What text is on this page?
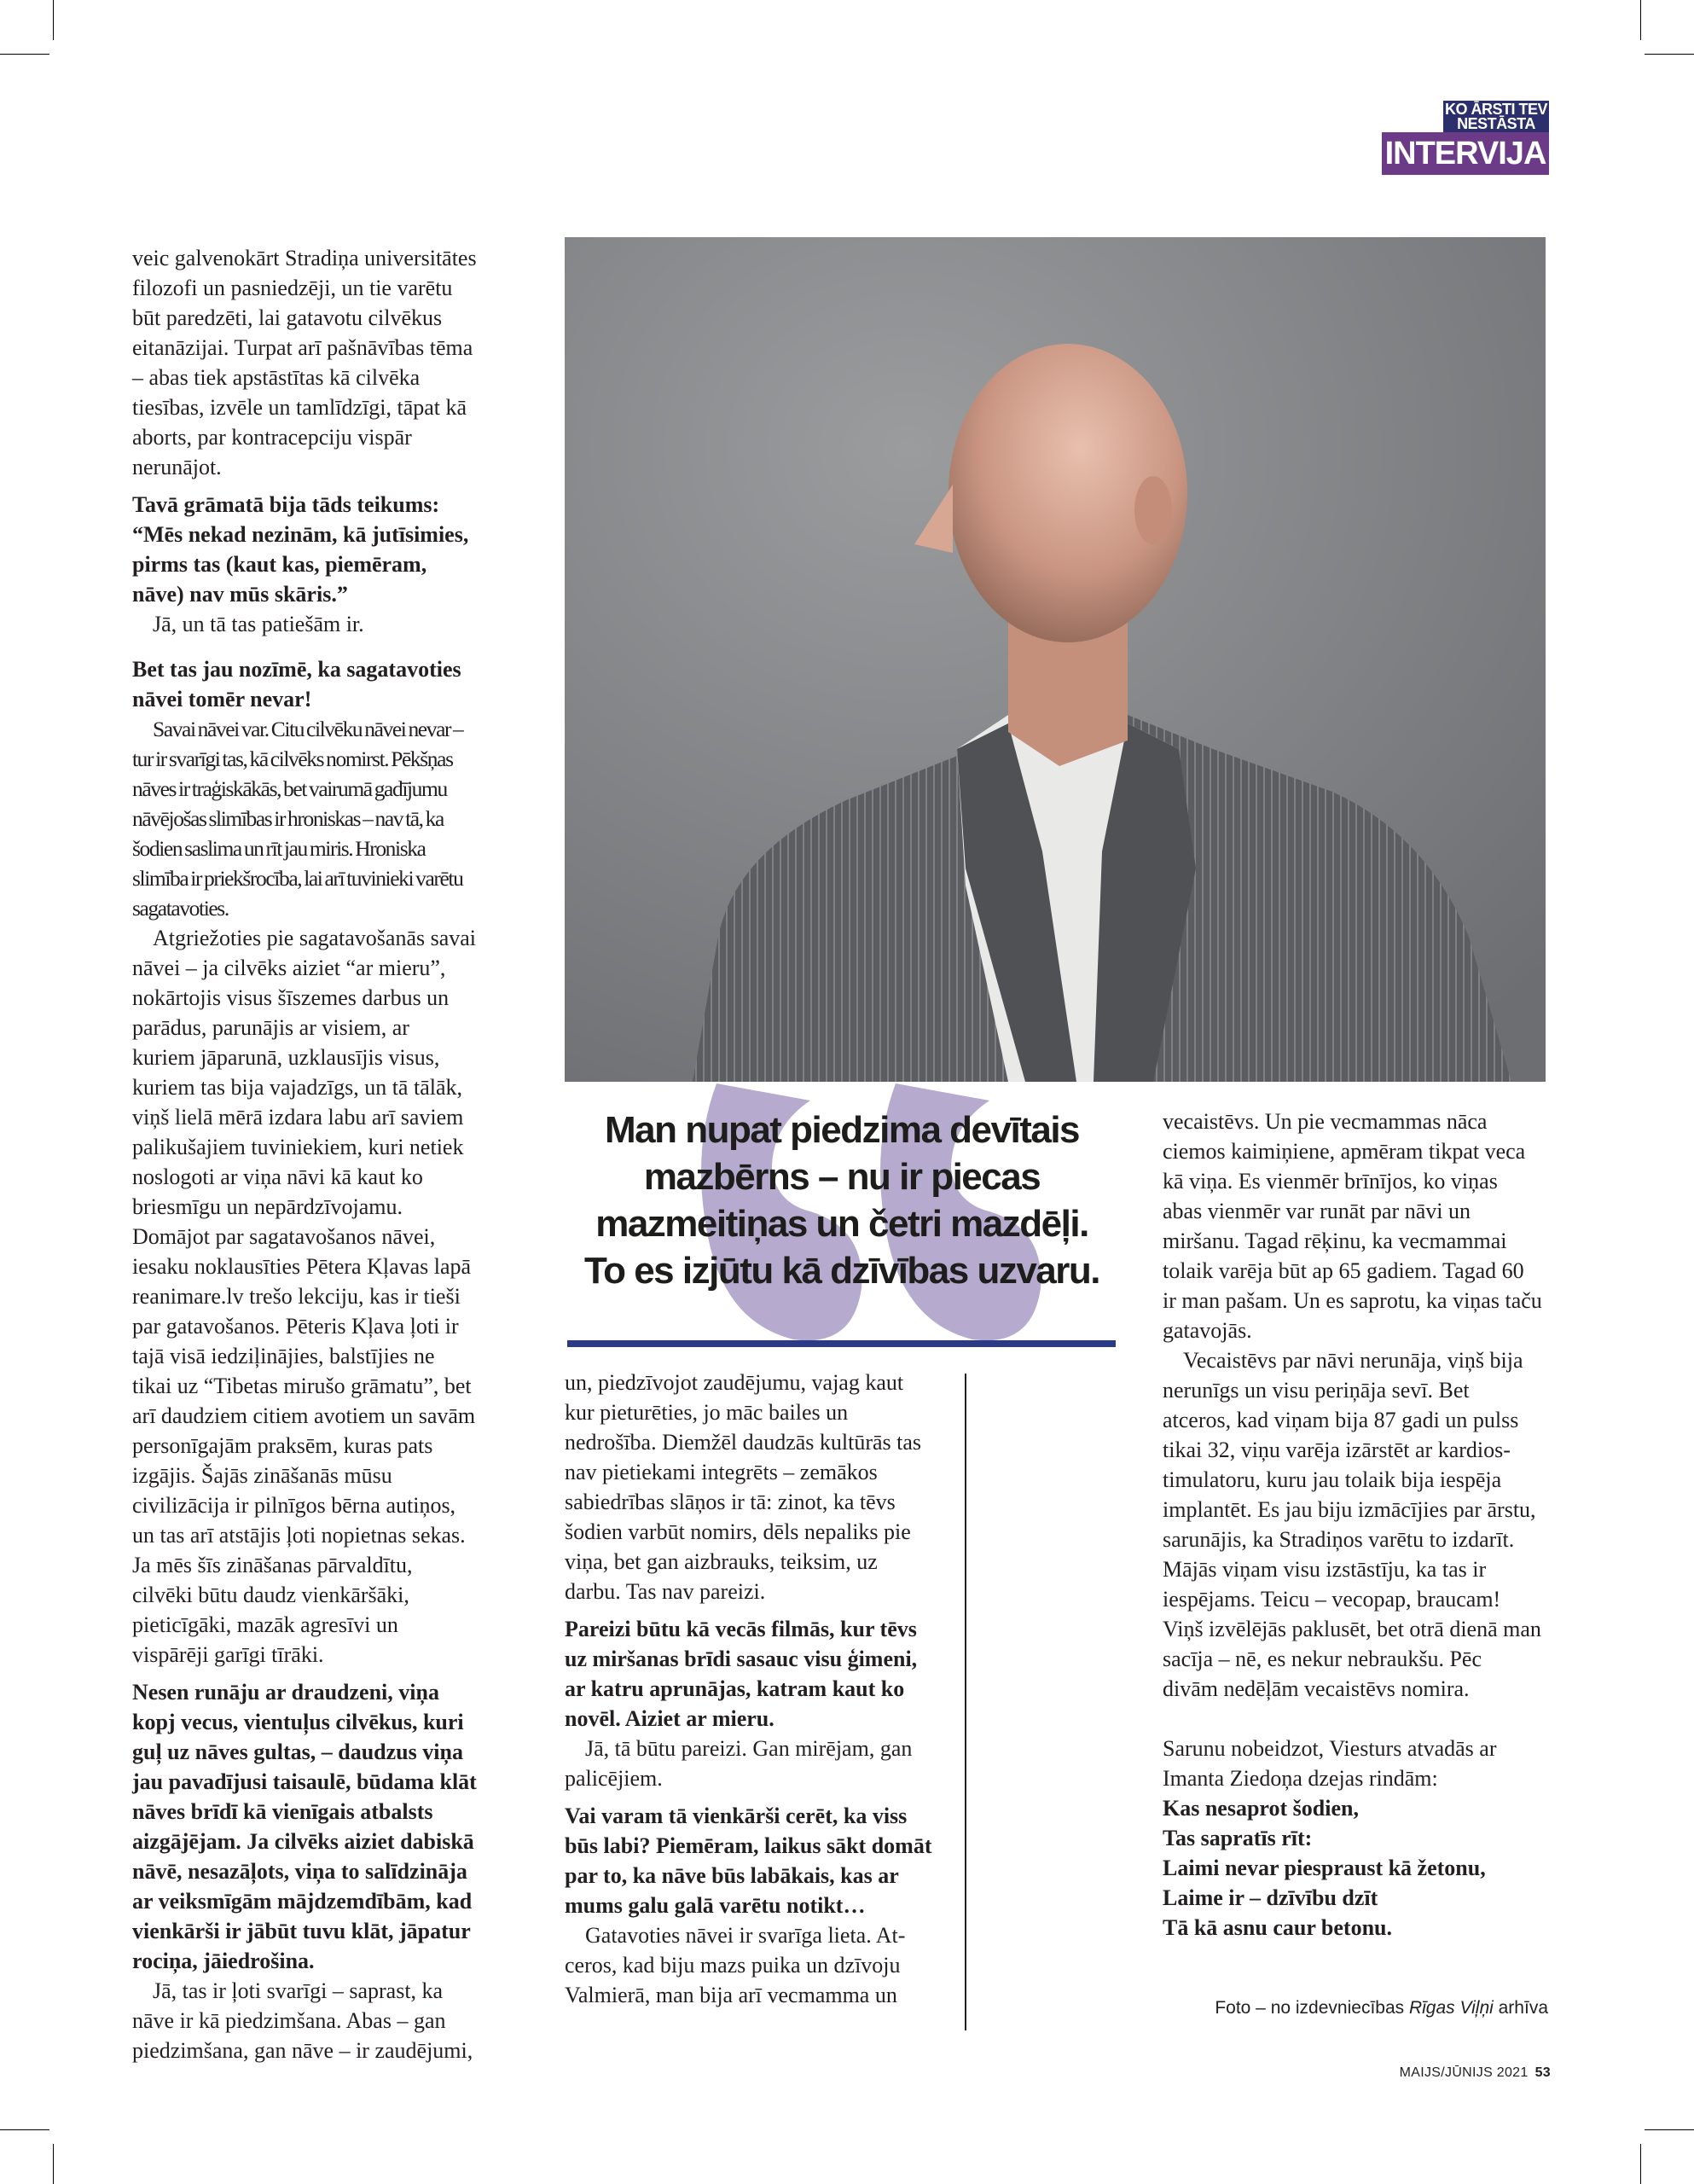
KO ĀRSTI TEV NESTĀSTA
INTERVIJA

veic galvenokārt Stradiņa universitātes filozofi un pasniedzēji, un tie varētu būt paredzēti, lai gatavotu cilvēkus eitanāzijai. Turpat arī pašnāvības tēma – abas tiek apstāstītas kā cilvēka tiesības, izvēle un tamlīdzīgi, tāpat kā aborts, par kontracepciju vispār nerunājot.

Tavā grāmatā bija tāds teikums: “Mēs nekad nezinām, kā jutīsimies, pirms tas (kaut kas, piemēram, nāve) nav mūs skāris.”

Jā, un tā tas patiešām ir.

Bet tas jau nozīmē, ka sagatavoties nāvei tomēr nevar!

Savai nāvei var. Citu cilvēku nāvei nevar – tur ir svarīgi tas, kā cilvēks nomirst. Pēkšņas nāves ir traģiskākās, bet vairumā gadījumu nāvējošas slimības ir hroniskas – nav tā, ka šodien saslima un rīt jau miris. Hroniska slimība ir priekšrocība, lai arī tuvinieki varētu sagatavoties.

Atgriežoties pie sagatavošanās savai nāvei – ja cilvēks aiziet “ar mieru”, nokārtojis visus šīszemes darbus un parādus, parunājis ar visiem, ar kuriem jāparunā, uzklausījis visus, kuriem tas bija vajadzīgs, un tā tālāk, viņš lielā mērā izdara labu arī saviem palikušajiem tuviniekiem, kuri netiek noslogoti ar viņa nāvi kā kaut ko briesmīgu un nepārdzīvojamu. Domājot par sagatavošanos nāvei, iesaku noklausīties Pētera Kļavas lapā reanimare.lv trešo lekciju, kas ir tieši par gatavošanos. Pēteris Kļava ļoti ir tajā visā iedziļinājies, balstījies ne tikai uz “Tibetas mirušo grāmatu”, bet arī daudziem citiem avotiem un savām personīgajām praksēm, kuras pats izgājis. Šajās zināšanās mūsu civilizācija ir pilnīgos bērna autiņos, un tas arī atstājis ļoti nopietnas sekas. Ja mēs šīs zināšanas pārvaldītu, cilvēki būtu daudz vienkāršāki, pieticīgāki, mazāk agresīvi un vispārēji garīgi tīrāki.

Nesen runāju ar draudzeni, viņa kopj vecus, vientuļus cilvēkus, kuri guļ uz nāves gultas, – daudzus viņa jau pavadījusi taisaulē, būdama klāt nāves brīdī kā vienīgais atbalsts aizgājējam. Ja cilvēks aiziet dabiskā nāvē, nesazāļots, viņa to salīdzināja ar veiksmīgām mājdzemdībām, kad vienkārši ir jābūt tuvu klāt, jāpatur rociņa, jāiedrošina.

Jā, tas ir ļoti svarīgi – saprast, ka nāve ir kā piedzimšana. Abas – gan piedzimšana, gan nāve – ir zaudējumi,

Man nupat piedzima devītais mazbērns – nu ir piecas mazmeitiņas un četri mazdēļi. To es izjūtu kā dzīvības uzvaru.

un, piedzīvojot zaudējumu, vajag kaut kur pieturēties, jo māc bailes un nedrošība. Diemžēl daudzās kultūrās tas nav pietiekami integrēts – zemākos sabiedrības slāņos ir tā: zinot, ka tēvs šodien varbūt nomirs, dēls nepaliks pie viņa, bet gan aizbrauks, teiksim, uz darbu. Tas nav pareizi.

Pareizi būtu kā vecās filmās, kur tēvs uz miršanas brīdi sasauc visu ģimeni, ar katru aprunājas, katram kaut ko novēl. Aiziet ar mieru.

Jā, tā būtu pareizi. Gan mirējam, gan palicējiem.

Vai varam tā vienkārši cerēt, ka viss būs labi? Piemēram, laikus sākt domāt par to, ka nāve būs labākais, kas ar mums galu galā varētu notikt…

Gatavoties nāvei ir svarīga lieta. Atceros, kad biju mazs puika un dzīvoju Valmierā, man bija arī vecmamma un

vecaistēvs. Un pie vecmammas nāca ciemos kaimiņiene, apmēram tikpat veca kā viņa. Es vienmēr brīnījos, ko viņas abas vienmēr var runāt par nāvi un miršanu. Tagad rēķinu, ka vecmammai tolaik varēja būt ap 65 gadiem. Tagad 60 ir man pašam. Un es saprotu, ka viņas taču gatavojās.

Vecaistēvs par nāvi nerunāja, viņš bija nerunīgs un visu periņāja sevī. Bet atceros, kad viņam bija 87 gadi un pulss tikai 32, viņu varēja izārstēt ar kardiostimulatoru, kuru jau tolaik bija iespēja implantēt. Es jau biju izmācījies par ārstu, sarunājis, ka Stradiņos varētu to izdarīt. Mājās viņam visu izstāstīju, ka tas ir iespējams. Teicu – vecopap, braucam! Viņš izvēlējās paklusēt, bet otrā dienā man sacīja – nē, es nekur nebraukšu. Pēc divām nedēļām vecaistēvs nomira.

Sarunu nobeidzot, Viesturs atvadās ar Imanta Ziedoņa dzejas rindām:

Kas nesaprot šodien,

Tas sapratīs rīt:

Laimi nevar piespraust kā žetonu,

Laime ir – dzīvību dzīt

Tā kā asnu caur betonu.

Foto – no izdevniecības Rīgas Viļņi arhīva
MAIJS/JŪNIJS 2021 53
